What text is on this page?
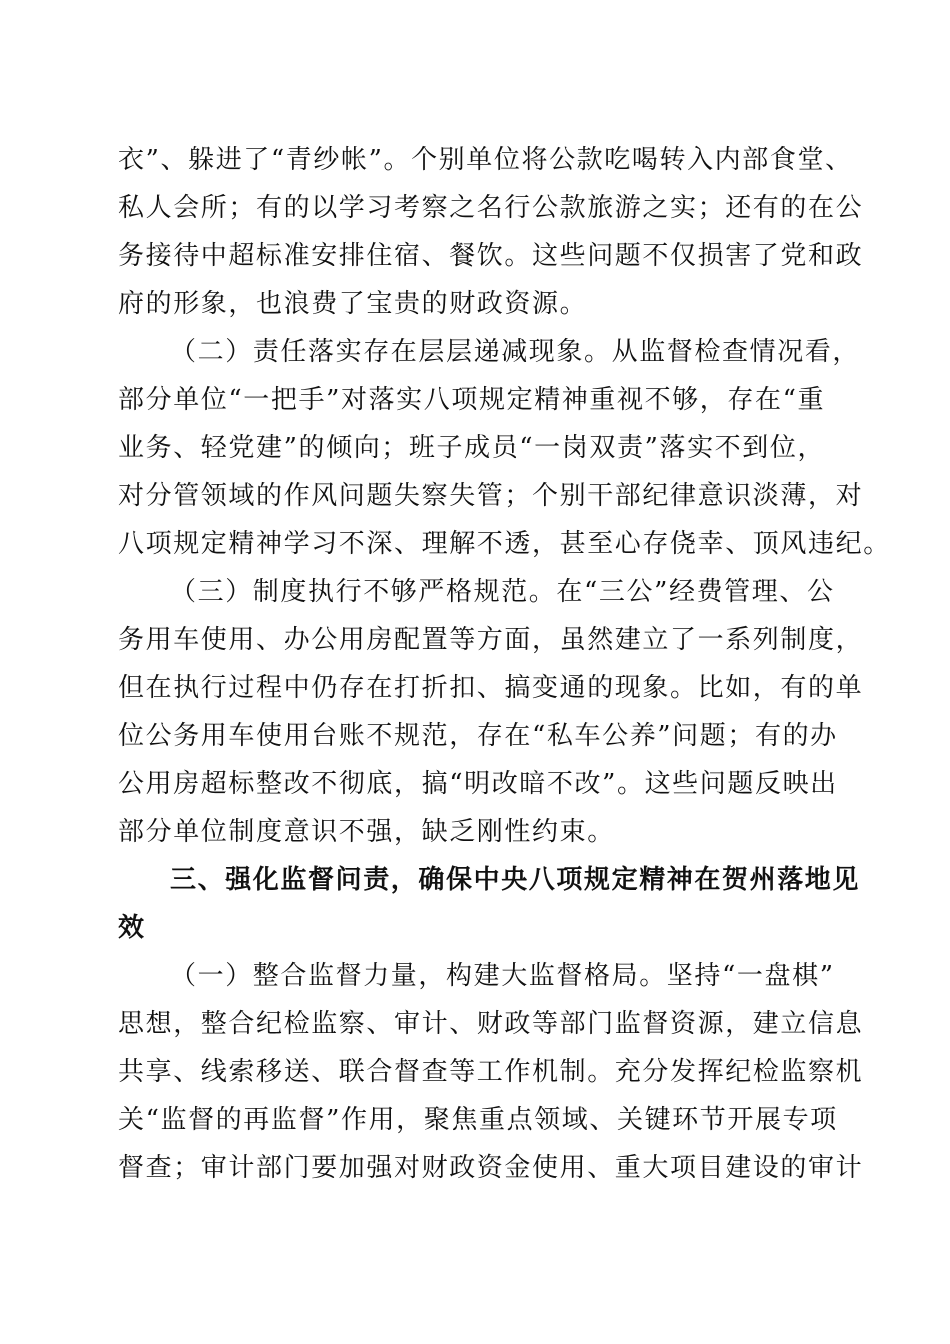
衣”、躲进了“青纱帐”。个别单位将公款吃喝转入内部食堂、
私人会所；有的以学习考察之名行公款旅游之实；还有的在公
务接待中超标准安排住宿、餐饮。这些问题不仅损害了党和政
府的形象，也浪费了宝贵的财政资源。
（二）责任落实存在层层递减现象。从监督检查情况看，
部分单位“一把手”对落实八项规定精神重视不够，存在“重
业务、轻党建”的倾向；班子成员“一岗双责”落实不到位，
对分管领域的作风问题失察失管；个别干部纪律意识淡薄，对
八项规定精神学习不深、理解不透，甚至心存侥幸、顶风违纪。
（三）制度执行不够严格规范。在“三公”经费管理、公
务用车使用、办公用房配置等方面，虽然建立了一系列制度，
但在执行过程中仍存在打折扣、搞变通的现象。比如，有的单
位公务用车使用台账不规范，存在“私车公养”问题；有的办
公用房超标整改不彻底，搞“明改暗不改”。这些问题反映出
部分单位制度意识不强，缺乏刚性约束。
三、强化监督问责，确保中央八项规定精神在贺州落地见
效
（一）整合监督力量，构建大监督格局。坚持“一盘棋”
思想，整合纪检监察、审计、财政等部门监督资源，建立信息
共享、线索移送、联合督查等工作机制。充分发挥纪检监察机
关“监督的再监督”作用，聚焦重点领域、关键环节开展专项
督查；审计部门要加强对财政资金使用、重大项目建设的审计
